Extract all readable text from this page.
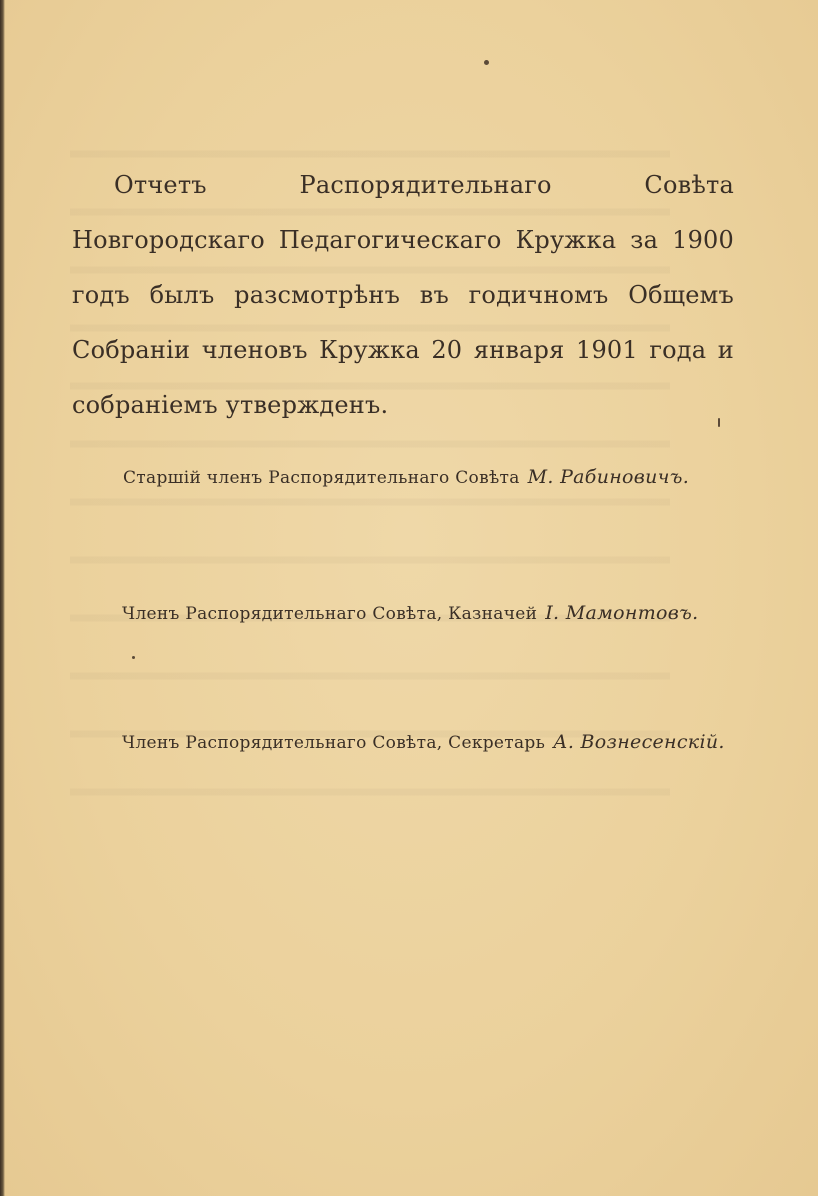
Отчетъ Распорядительнаго Совѣта Новгородскаго Педагогическаго Кружка за 1900 годъ былъ разсмотрѣнъ въ годичномъ Общемъ Собраніи членовъ Кружка 20 января 1901 года и собраніемъ утвержденъ.

Старшій членъ Распорядительнаго Совѣта М. Рабиновичъ.
Членъ Распорядительнаго Совѣта, Казначей І. Мамонтовъ.
Членъ Распорядительнаго Совѣта, Секретарь А. Вознесенскій.
